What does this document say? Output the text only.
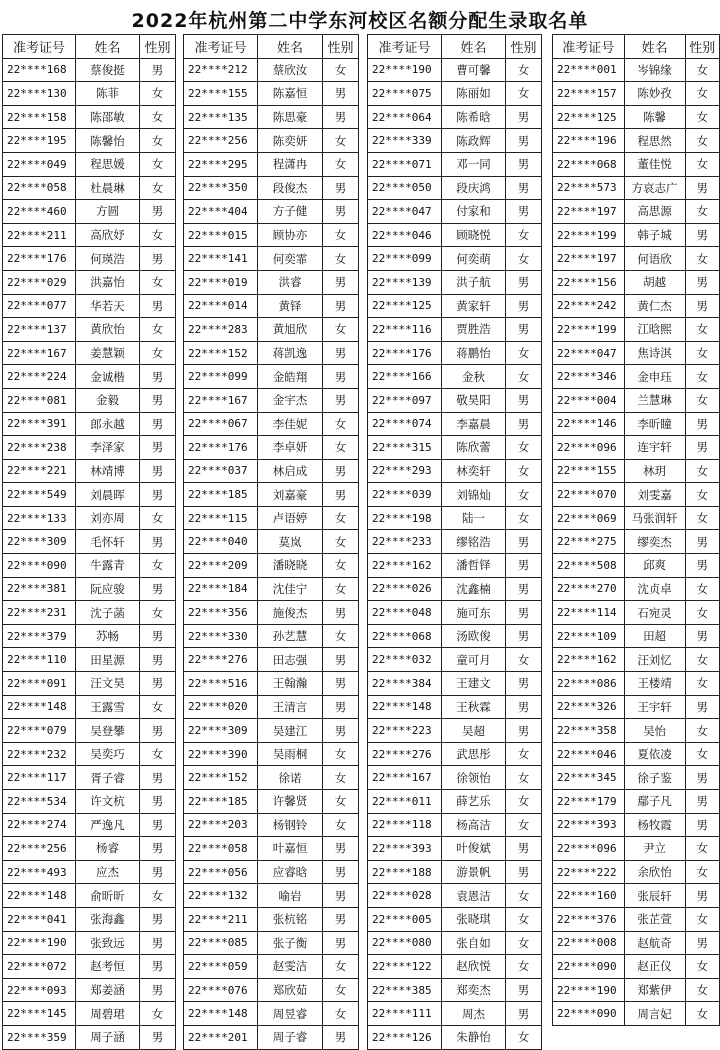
2022年杭州第二中学东河校区名额分配生录取名单
准考证号	姓名	性别
22****168	蔡俊挺	男
22****130	陈菲	女
22****158	陈邵敏	女
22****195	陈馨怡	女
22****049	程思媛	女
22****058	杜晨琳	女
22****460	方圆	男
22****211	高欣妤	女
22****176	何瑛浩	男
22****029	洪嘉怡	女
22****077	华若天	男
22****137	黄欣怡	女
22****167	姜慧颖	女
22****224	金诚楷	男
22****081	金毅	男
22****391	郎永越	男
22****238	李泽家	男
22****221	林靖博	男
22****549	刘晨晖	男
22****133	刘亦周	女
22****309	毛怀轩	男
22****090	牛露青	女
22****381	阮应骏	男
22****231	沈子菡	女
22****379	苏畅	男
22****110	田星源	男
22****091	汪文昊	男
22****148	王露雪	女
22****079	吴登攀	男
22****232	吴奕巧	女
22****117	胥子睿	男
22****534	许文杭	男
22****274	严逸凡	男
22****256	杨睿	男
22****493	应杰	男
22****148	俞昕昕	女
22****041	张海鑫	男
22****190	张致远	男
22****072	赵考恒	男
22****093	郑姜涵	男
22****145	周碧珺	女
22****359	周子涵	男
准考证号	姓名	性别
22****212	蔡欣汝	女
22****155	陈嘉恒	男
22****135	陈思豪	男
22****256	陈奕妍	女
22****295	程潇冉	女
22****350	段俊杰	男
22****404	方子健	男
22****015	顾协亦	女
22****141	何奕霏	女
22****019	洪睿	男
22****014	黄铎	男
22****283	黄旭欣	女
22****152	蒋凯逸	男
22****099	金皓翔	男
22****167	金宇杰	男
22****067	李佳妮	女
22****176	李卓妍	女
22****037	林启成	男
22****185	刘嘉豪	男
22****115	卢语婷	女
22****040	莫岚	女
22****209	潘晓晓	女
22****184	沈佳宁	女
22****356	施俊杰	男
22****330	孙艺慧	女
22****276	田志强	男
22****516	王翰瀚	男
22****020	王清言	男
22****309	吴建江	男
22****390	吴雨桐	女
22****152	徐诺	女
22****185	许馨贤	女
22****203	杨钢铃	女
22****058	叶嘉恒	男
22****056	应睿晗	男
22****132	喻岩	男
22****211	张杭铭	男
22****085	张子衡	男
22****059	赵雯洁	女
22****076	郑欣茹	女
22****148	周昱睿	女
22****201	周子睿	男
准考证号	姓名	性别
22****190	曹可馨	女
22****075	陈丽如	女
22****064	陈希晗	男
22****339	陈政辉	男
22****071	邓一同	男
22****050	段庆鸿	男
22****047	付家和	男
22****046	顾晓悦	女
22****099	何奕萌	女
22****139	洪子航	男
22****125	黄家轩	男
22****116	贾胜浩	男
22****176	蒋鹏怡	女
22****166	金秋	女
22****097	敬昊阳	男
22****074	李嘉晨	男
22****315	陈欣蕾	女
22****293	林奕轩	女
22****039	刘锦灿	女
22****198	陆一	女
22****233	缪铭浩	男
22****162	潘哲铎	男
22****026	沈鑫楠	男
22****048	施可东	男
22****068	汤欧俊	男
22****032	童可月	女
22****384	王建文	男
22****148	王秋霖	男
22****223	吴超	男
22****276	武思彤	女
22****167	徐领怡	女
22****011	薛艺乐	女
22****118	杨高洁	女
22****393	叶俊斌	男
22****188	游景帆	男
22****028	袁恩洁	女
22****005	张晓琪	女
22****080	张自如	女
22****122	赵欣悦	女
22****385	郑奕杰	男
22****111	周杰	男
22****126	朱静怡	女
准考证号	姓名	性别
22****001	岑锦缘	女
22****157	陈妙孜	女
22****125	陈馨	女
22****196	程思然	女
22****068	董佳悦	女
22****573	方哀志广	男
22****197	高思源	女
22****199	韩子城	男
22****197	何语欣	女
22****156	胡越	男
22****242	黄仁杰	男
22****199	江晗熙	女
22****047	焦诗淇	女
22****346	金申珏	女
22****004	兰慧琳	女
22****146	李昕瞳	男
22****096	连宇轩	男
22****155	林玥	女
22****070	刘雯嘉	女
22****069	马张润轩	女
22****275	缪奕杰	男
22****508	邱爽	男
22****270	沈贞卓	女
22****114	石宛灵	女
22****109	田超	男
22****162	汪刘忆	女
22****086	王楼靖	女
22****326	王宇轩	男
22****358	吴怡	女
22****046	夏依凌	女
22****345	徐子鉴	男
22****179	鄢子凡	男
22****393	杨牧霞	男
22****096	尹立	女
22****222	余欣怡	女
22****160	张辰轩	男
22****376	张芷萱	女
22****008	赵航奇	男
22****090	赵正仪	女
22****190	郑紫伊	女
22****090	周言妃	女
